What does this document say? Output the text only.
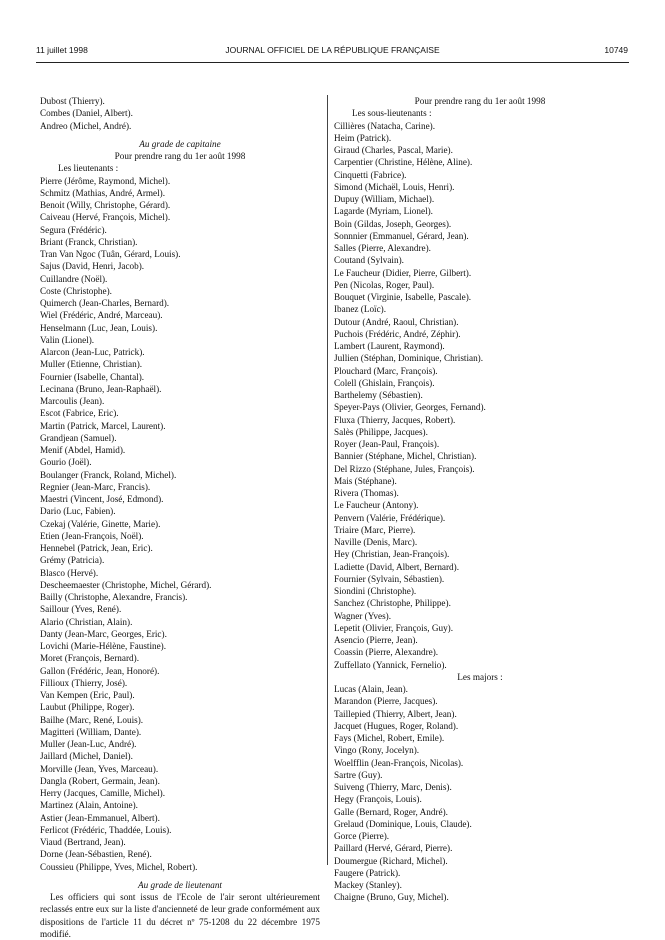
11 juillet 1998	JOURNAL OFFICIEL DE LA RÉPUBLIQUE FRANÇAISE	10749
Dubost (Thierry).
Combes (Daniel, Albert).
Andreo (Michel, André).
Au grade de capitaine
Pour prendre rang du 1er août 1998
Les lieutenants :
Pierre (Jérôme, Raymond, Michel).
Schmitz (Mathias, André, Armel).
Benoit (Willy, Christophe, Gérard).
Caiveau (Hervé, François, Michel).
Segura (Frédéric).
Briant (Franck, Christian).
Tran Van Ngoc (Tuân, Gérard, Louis).
Sajus (David, Henri, Jacob).
Cuillandre (Noël).
Coste (Christophe).
Quimerch (Jean-Charles, Bernard).
Wiel (Frédéric, André, Marceau).
Henselmann (Luc, Jean, Louis).
Valin (Lionel).
Alarcon (Jean-Luc, Patrick).
Muller (Etienne, Christian).
Fournier (Isabelle, Chantal).
Lecinana (Bruno, Jean-Raphaël).
Marcoulis (Jean).
Escot (Fabrice, Eric).
Martin (Patrick, Marcel, Laurent).
Grandjean (Samuel).
Menif (Abdel, Hamid).
Gourio (Joël).
Boulanger (Franck, Roland, Michel).
Regnier (Jean-Marc, Francis).
Maestri (Vincent, José, Edmond).
Dario (Luc, Fabien).
Czekaj (Valérie, Ginette, Marie).
Etien (Jean-François, Noël).
Hennebel (Patrick, Jean, Eric).
Grémy (Patricia).
Blasco (Hervé).
Descheemaester (Christophe, Michel, Gérard).
Bailly (Christophe, Alexandre, Francis).
Saillour (Yves, René).
Alario (Christian, Alain).
Danty (Jean-Marc, Georges, Eric).
Lovichi (Marie-Hélène, Faustine).
Moret (François, Bernard).
Gallon (Frédéric, Jean, Honoré).
Fillioux (Thierry, José).
Van Kempen (Eric, Paul).
Laubut (Philippe, Roger).
Bailhe (Marc, René, Louis).
Magitteri (William, Dante).
Muller (Jean-Luc, André).
Jaillard (Michel, Daniel).
Morville (Jean, Yves, Marceau).
Dangla (Robert, Germain, Jean).
Herry (Jacques, Camille, Michel).
Martinez (Alain, Antoine).
Astier (Jean-Emmanuel, Albert).
Ferlicot (Frédéric, Thaddée, Louis).
Viaud (Bertrand, Jean).
Dorne (Jean-Sébastien, René).
Coussieu (Philippe, Yves, Michel, Robert).
Au grade de lieutenant
Les officiers qui sont issus de l'Ecole de l'air seront ultérieurement reclassés entre eux sur la liste d'ancienneté de leur grade conformément aux dispositions de l'article 11 du décret nº 75-1208 du 22 décembre 1975 modifié.
Pour prendre rang du 1er août 1998
Les sous-lieutenants :
Cillières (Natacha, Carine).
Heim (Patrick).
Giraud (Charles, Pascal, Marie).
Carpentier (Christine, Hélène, Aline).
Cinquetti (Fabrice).
Simond (Michaël, Louis, Henri).
Dupuy (William, Michael).
Lagarde (Myriam, Lionel).
Boin (Gildas, Joseph, Georges).
Sonnnier (Emmanuel, Gérard, Jean).
Salles (Pierre, Alexandre).
Coutand (Sylvain).
Le Faucheur (Didier, Pierre, Gilbert).
Pen (Nicolas, Roger, Paul).
Bouquet (Virginie, Isabelle, Pascale).
Ibanez (Loïc).
Dutour (André, Raoul, Christian).
Puchois (Frédéric, André, Zéphir).
Lambert (Laurent, Raymond).
Jullien (Stéphan, Dominique, Christian).
Plouchard (Marc, François).
Colell (Ghislain, François).
Barthelemy (Sébastien).
Speyer-Pays (Olivier, Georges, Fernand).
Fluxa (Thierry, Jacques, Robert).
Salès (Philippe, Jacques).
Royer (Jean-Paul, François).
Bannier (Stéphane, Michel, Christian).
Del Rizzo (Stéphane, Jules, François).
Mais (Stéphane).
Rivera (Thomas).
Le Faucheur (Antony).
Penvern (Valérie, Frédérique).
Triaire (Marc, Pierre).
Naville (Denis, Marc).
Hey (Christian, Jean-François).
Ladiette (David, Albert, Bernard).
Fournier (Sylvain, Sébastien).
Siondini (Christophe).
Sanchez (Christophe, Philippe).
Wagner (Yves).
Lepetit (Olivier, François, Guy).
Asencio (Pierre, Jean).
Coassin (Pierre, Alexandre).
Zuffellato (Yannick, Fernelio).
Les majors :
Lucas (Alain, Jean).
Marandon (Pierre, Jacques).
Taillepied (Thierry, Albert, Jean).
Jacquet (Hugues, Roger, Roland).
Fays (Michel, Robert, Emile).
Vingo (Rony, Jocelyn).
Woelfflin (Jean-François, Nicolas).
Sartre (Guy).
Suiveng (Thierry, Marc, Denis).
Hegy (François, Louis).
Galle (Bernard, Roger, André).
Grelaud (Dominique, Louis, Claude).
Gorce (Pierre).
Paillard (Hervé, Gérard, Pierre).
Doumergue (Richard, Michel).
Faugere (Patrick).
Mackey (Stanley).
Chaigne (Bruno, Guy, Michel).
